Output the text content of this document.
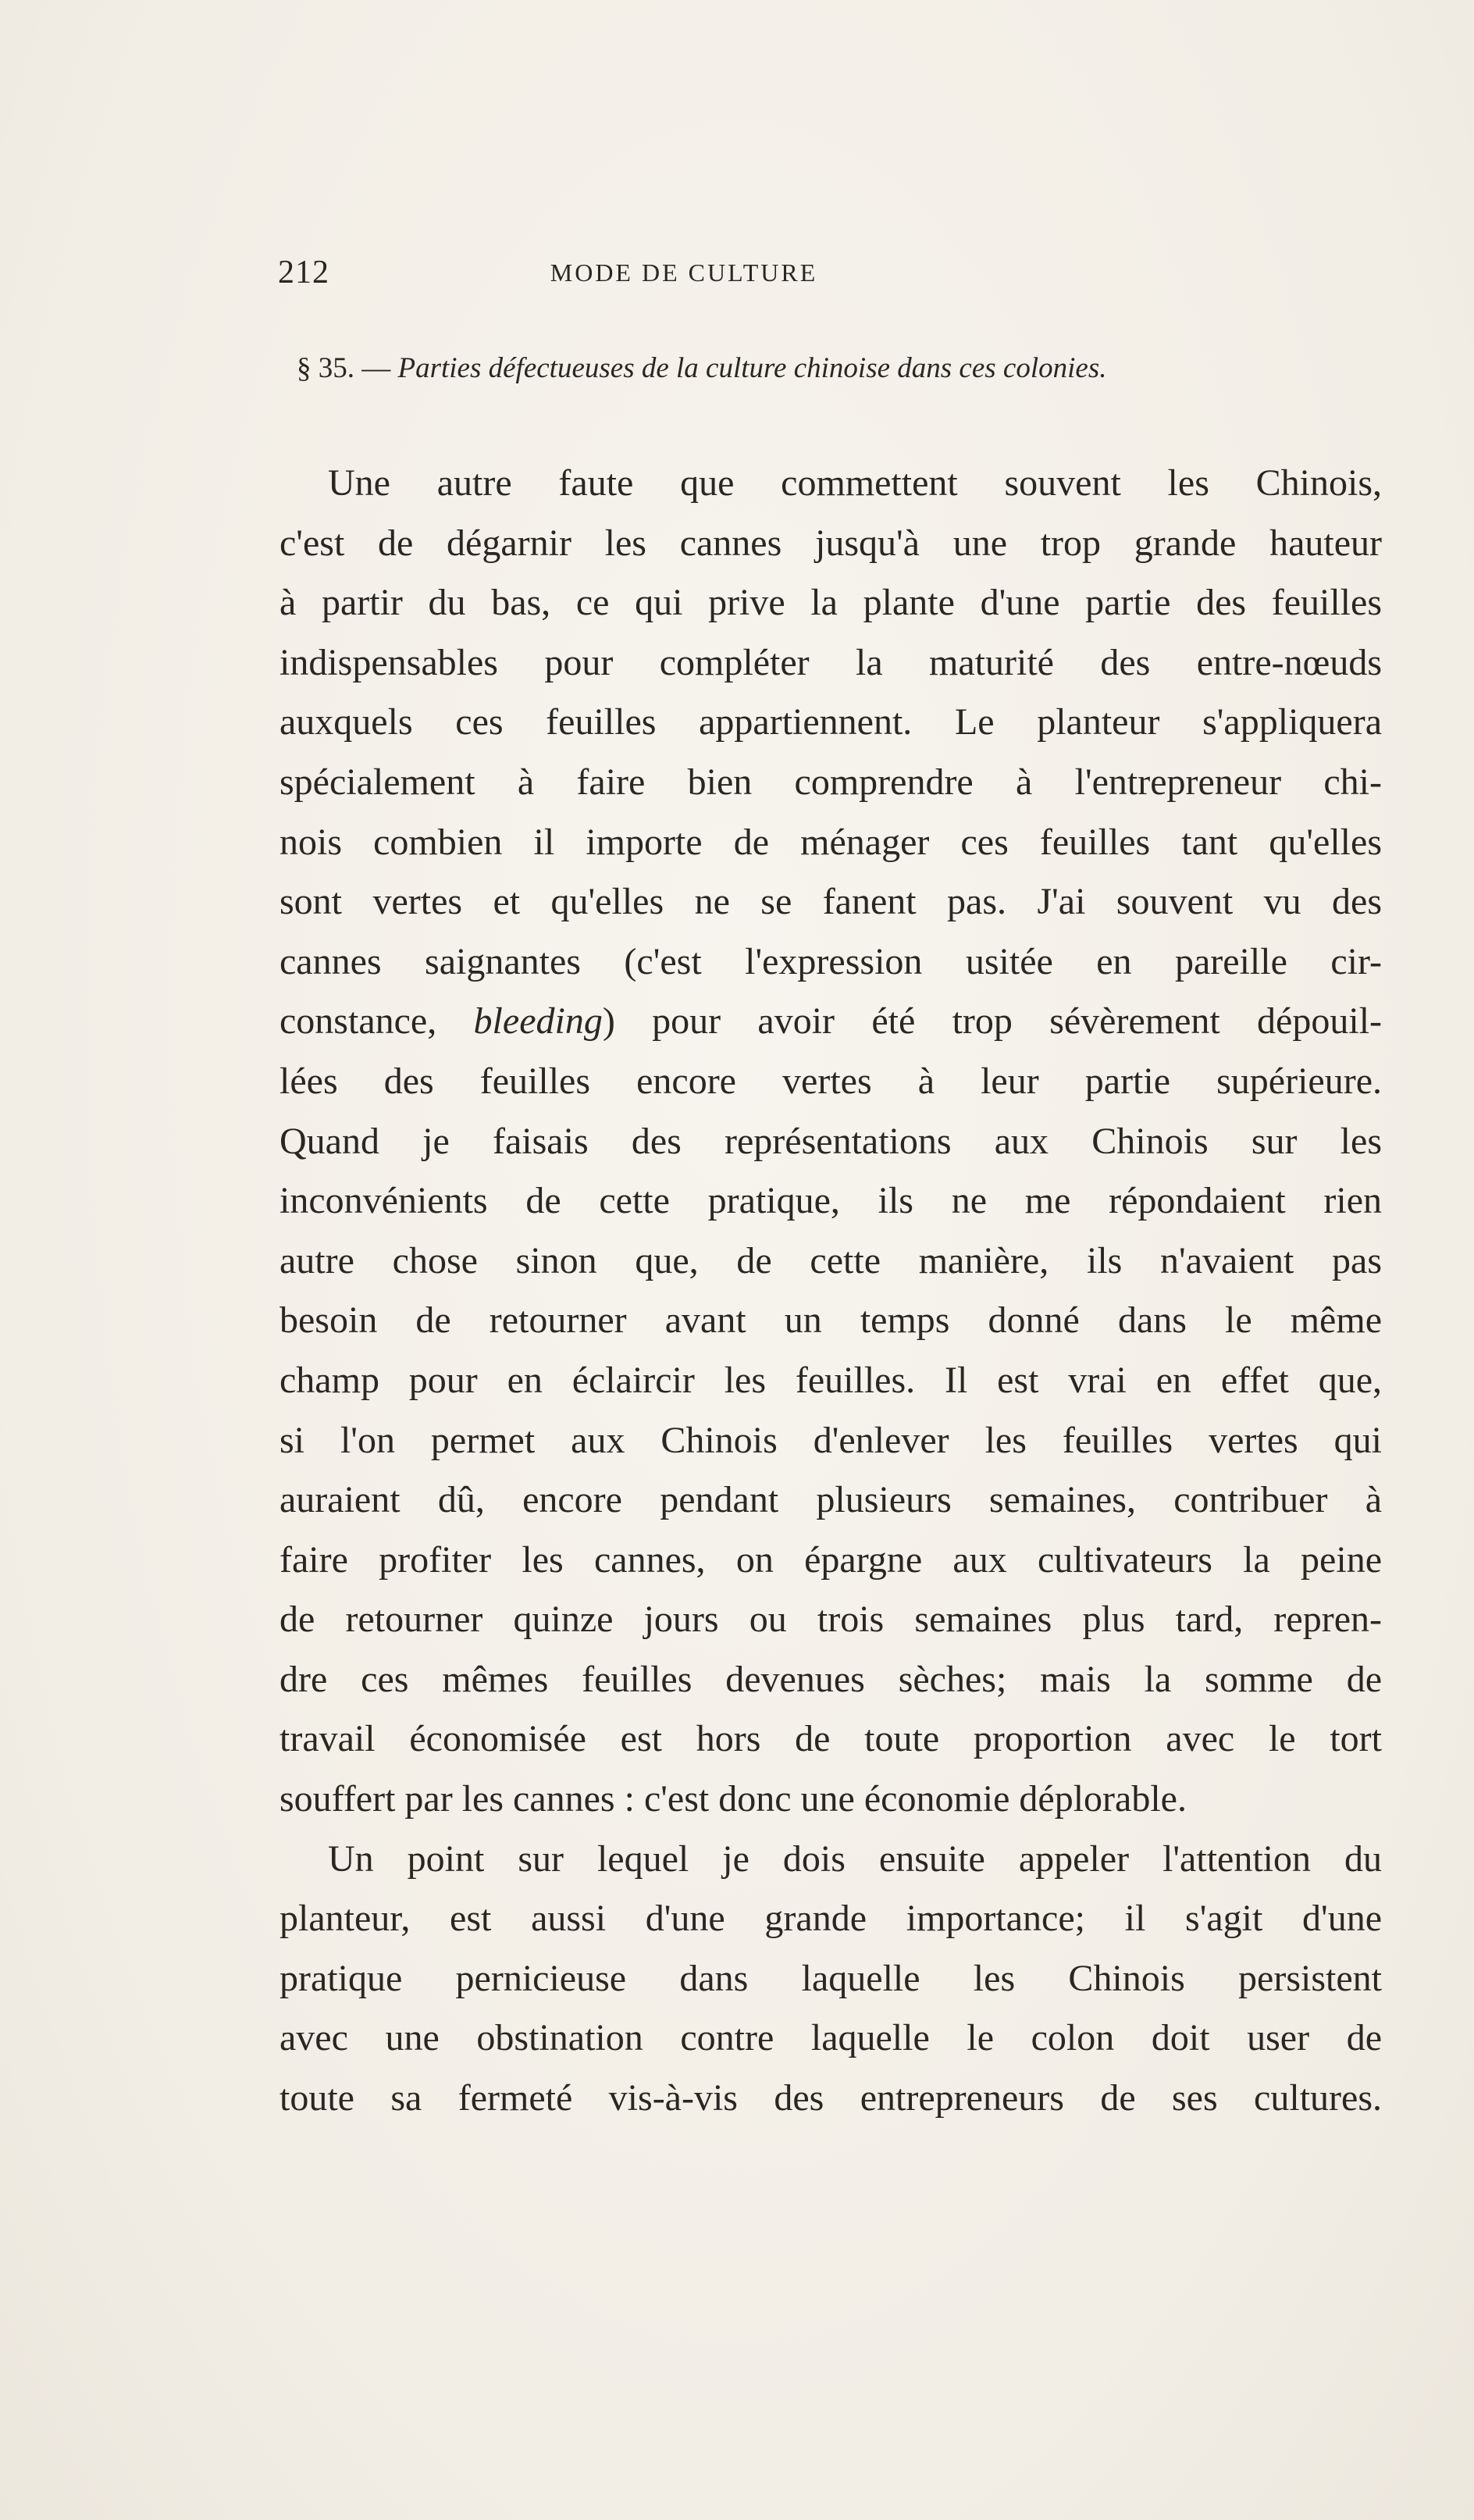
212	MODE DE CULTURE
§ 35. — Parties défectueuses de la culture chinoise dans ces colonies.
Une autre faute que commettent souvent les Chinois,
c'est de dégarnir les cannes jusqu'à une trop grande hauteur
à partir du bas, ce qui prive la plante d'une partie des feuilles
indispensables pour compléter la maturité des entre-nœuds
auxquels ces feuilles appartiennent. Le planteur s'appliquera
spécialement à faire bien comprendre à l'entrepreneur chi-
nois combien il importe de ménager ces feuilles tant qu'elles
sont vertes et qu'elles ne se fanent pas. J'ai souvent vu des
cannes saignantes (c'est l'expression usitée en pareille cir-
constance, bleeding) pour avoir été trop sévèrement dépouil-
lées des feuilles encore vertes à leur partie supérieure.
Quand je faisais des représentations aux Chinois sur les
inconvénients de cette pratique, ils ne me répondaient rien
autre chose sinon que, de cette manière, ils n'avaient pas
besoin de retourner avant un temps donné dans le même
champ pour en éclaircir les feuilles. Il est vrai en effet que,
si l'on permet aux Chinois d'enlever les feuilles vertes qui
auraient dû, encore pendant plusieurs semaines, contribuer à
faire profiter les cannes, on épargne aux cultivateurs la peine
de retourner quinze jours ou trois semaines plus tard, repren-
dre ces mêmes feuilles devenues sèches; mais la somme de
travail économisée est hors de toute proportion avec le tort
souffert par les cannes : c'est donc une économie déplorable.
Un point sur lequel je dois ensuite appeler l'attention du
planteur, est aussi d'une grande importance; il s'agit d'une
pratique pernicieuse dans laquelle les Chinois persistent
avec une obstination contre laquelle le colon doit user de
toute sa fermeté vis-à-vis des entrepreneurs de ses cultures.
